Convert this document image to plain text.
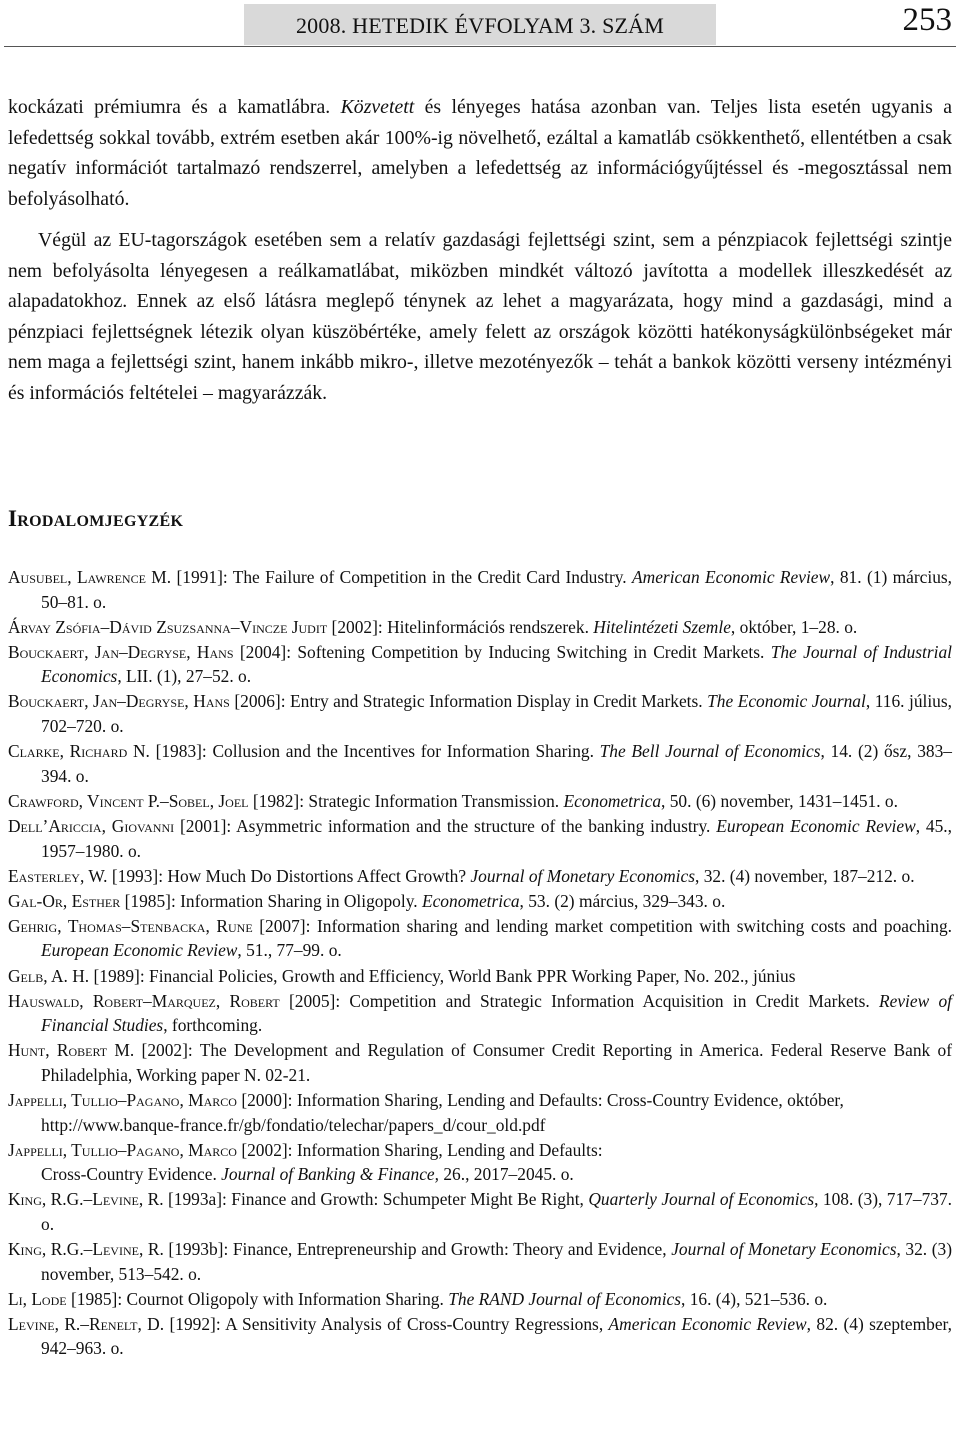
2008. HETEDIK ÉVFOLYAM 3. SZÁM	253

kockázati prémiumra és a kamatlábra. Közvetett és lényeges hatása azonban van. Teljes lista esetén ugyanis a lefedettség sokkal tovább, extrém esetben akár 100%-ig növelhető, ezáltal a kamatláb csökkenthető, ellentétben a csak negatív információt tartalmazó rendszerrel, amelyben a lefedettség az információgyűjtéssel és -megosztással nem befolyásolható.

Végül az EU-tagországok esetében sem a relatív gazdasági fejlettségi szint, sem a pénzpiacok fejlettségi szintje nem befolyásolta lényegesen a reálkamatlábat, miközben mindkét változó javította a modellek illeszkedését az alapadatokhoz. Ennek az első látásra meglepő ténynek az lehet a magyarázata, hogy mind a gazdasági, mind a pénzpiaci fejlettségnek létezik olyan küszöbértéke, amely felett az országok közötti hatékonyságkülönbségeket már nem maga a fejlettségi szint, hanem inkább mikro-, illetve mezotényezők – tehát a bankok közötti verseny intézményi és információs feltételei – magyarázzák.

Irodalomjegyzék

Ausubel, Lawrence M. [1991]: The Failure of Competition in the Credit Card Industry. American Economic Review, 81. (1) március, 50–81. o.

Árvay Zsófia–Dávid Zsuzsanna–Vincze Judit [2002]: Hitelinformációs rendszerek. Hitelintézeti Szemle, október, 1–28. o.

Bouckaert, Jan–Degryse, Hans [2004]: Softening Competition by Inducing Switching in Credit Markets. The Journal of Industrial Economics, LII. (1), 27–52. o.

Bouckaert, Jan–Degryse, Hans [2006]: Entry and Strategic Information Display in Credit Markets. The Economic Journal, 116. július, 702–720. o.

Clarke, Richard N. [1983]: Collusion and the Incentives for Information Sharing. The Bell Journal of Economics, 14. (2) ősz, 383–394. o.

Crawford, Vincent P.–Sobel, Joel [1982]: Strategic Information Transmission. Econometrica, 50. (6) november, 1431–1451. o.

Dell’Ariccia, Giovanni [2001]: Asymmetric information and the structure of the banking industry. European Economic Review, 45., 1957–1980. o.

Easterley, W. [1993]: How Much Do Distortions Affect Growth? Journal of Monetary Economics, 32. (4) november, 187–212. o.

Gal-Or, Esther [1985]: Information Sharing in Oligopoly. Econometrica, 53. (2) március, 329–343. o.

Gehrig, Thomas–Stenbacka, Rune [2007]: Information sharing and lending market competition with switching costs and poaching. European Economic Review, 51., 77–99. o.

Gelb, A. H. [1989]: Financial Policies, Growth and Efficiency, World Bank PPR Working Paper, No. 202., június

Hauswald, Robert–Marquez, Robert [2005]: Competition and Strategic Information Acquisition in Credit Markets. Review of Financial Studies, forthcoming.

Hunt, Robert M. [2002]: The Development and Regulation of Consumer Credit Reporting in America. Federal Reserve Bank of Philadelphia, Working paper N. 02-21.

Jappelli, Tullio–Pagano, Marco [2000]: Information Sharing, Lending and Defaults: Cross-Country Evidence, október,
http://www.banque-france.fr/gb/fondatio/telechar/papers_d/cour_old.pdf

Jappelli, Tullio–Pagano, Marco [2002]: Information Sharing, Lending and Defaults:
Cross-Country Evidence. Journal of Banking & Finance, 26., 2017–2045. o.

King, R.G.–Levine, R. [1993a]: Finance and Growth: Schumpeter Might Be Right, Quarterly Journal of Economics, 108. (3), 717–737. o.

King, R.G.–Levine, R. [1993b]: Finance, Entrepreneurship and Growth: Theory and Evidence, Journal of Monetary Economics, 32. (3) november, 513–542. o.

Li, Lode [1985]: Cournot Oligopoly with Information Sharing. The RAND Journal of Economics, 16. (4), 521–536. o.

Levine, R.–Renelt, D. [1992]: A Sensitivity Analysis of Cross-Country Regressions, American Economic Review, 82. (4) szeptember, 942–963. o.
